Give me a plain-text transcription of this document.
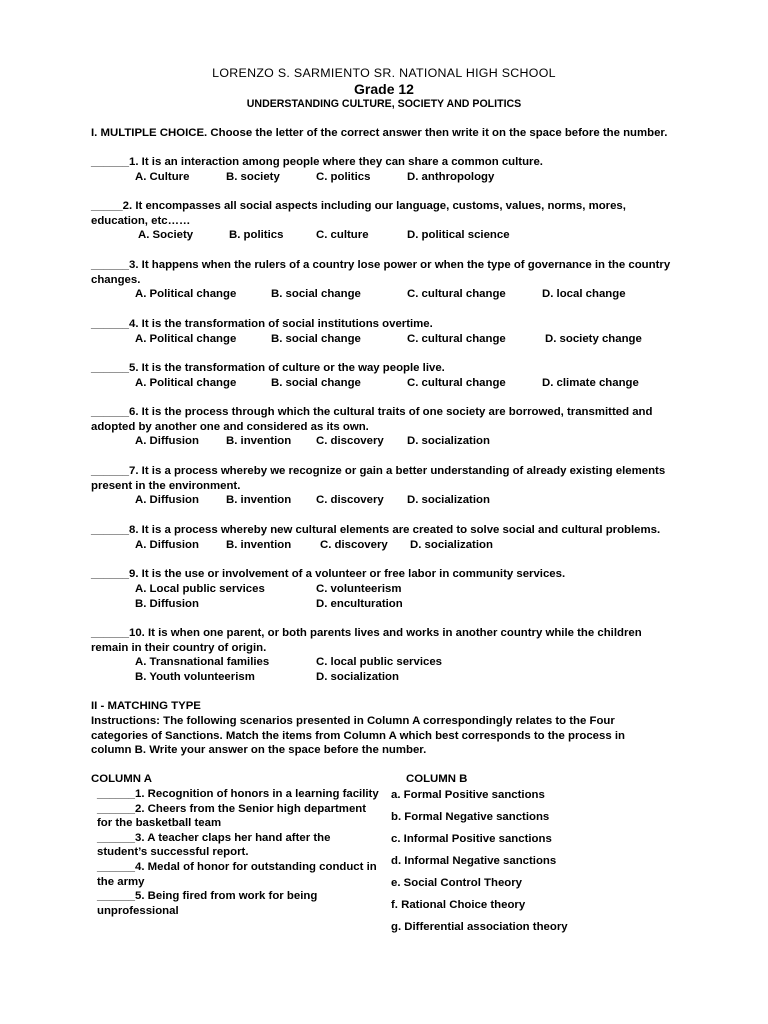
LORENZO S. SARMIENTO SR. NATIONAL HIGH SCHOOL
Grade 12
UNDERSTANDING CULTURE, SOCIETY AND POLITICS
I. MULTIPLE CHOICE. Choose the letter of the correct answer then write it on the space before the number.
______1. It is an interaction among people where they can share a common culture.
A. Culture	B. society	C. politics	D. anthropology
_____2. It encompasses all social aspects including our language, customs, values, norms, mores, education, etc……
A. Society	B. politics	C. culture	D. political science
______3. It happens when the rulers of a country lose power or when the type of governance in the country changes.
A. Political change	B. social change	C. cultural change	D. local change
______4. It is the transformation of social institutions overtime.
A. Political change	B. social change	C. cultural change	D. society change
______5. It is the transformation of culture or the way people live.
A. Political change	B. social change	C. cultural change	D. climate change
______6. It is the process through which the cultural traits of one society are borrowed, transmitted and adopted by another one and considered as its own.
A. Diffusion B. invention C. discovery D. socialization
______7. It is a process whereby we recognize or gain a better understanding of already existing elements present in the environment.
A. Diffusion B. invention C. discovery D. socialization
______8. It is a process whereby new cultural elements are created to solve social and cultural problems.
A. Diffusion B. invention	C. discovery D. socialization
______9. It is the use or involvement of a volunteer or free labor in community services.
A. Local public services	C. volunteerism
B. Diffusion	D. enculturation
______10. It is when one parent, or both parents lives and works in another country while the children remain in their country of origin.
A. Transnational families	C. local public services
B. Youth volunteerism	D. socialization
II - MATCHING TYPE
Instructions: The following scenarios presented in Column A correspondingly relates to the Four categories of Sanctions. Match the items from Column A which best corresponds to the process in column B. Write your answer on the space before the number.
COLUMN A	COLUMN B
______1. Recognition of honors in a learning facility
______2. Cheers from the Senior high department for the basketball team
______3. A teacher claps her hand after the student’s successful report.
______4. Medal of honor for outstanding conduct in the army
______5. Being fired from work for being unprofessional
a. Formal Positive sanctions
b. Formal Negative sanctions
c. Informal Positive sanctions
d. Informal Negative sanctions
e. Social Control Theory
f. Rational Choice theory
g. Differential association theory
